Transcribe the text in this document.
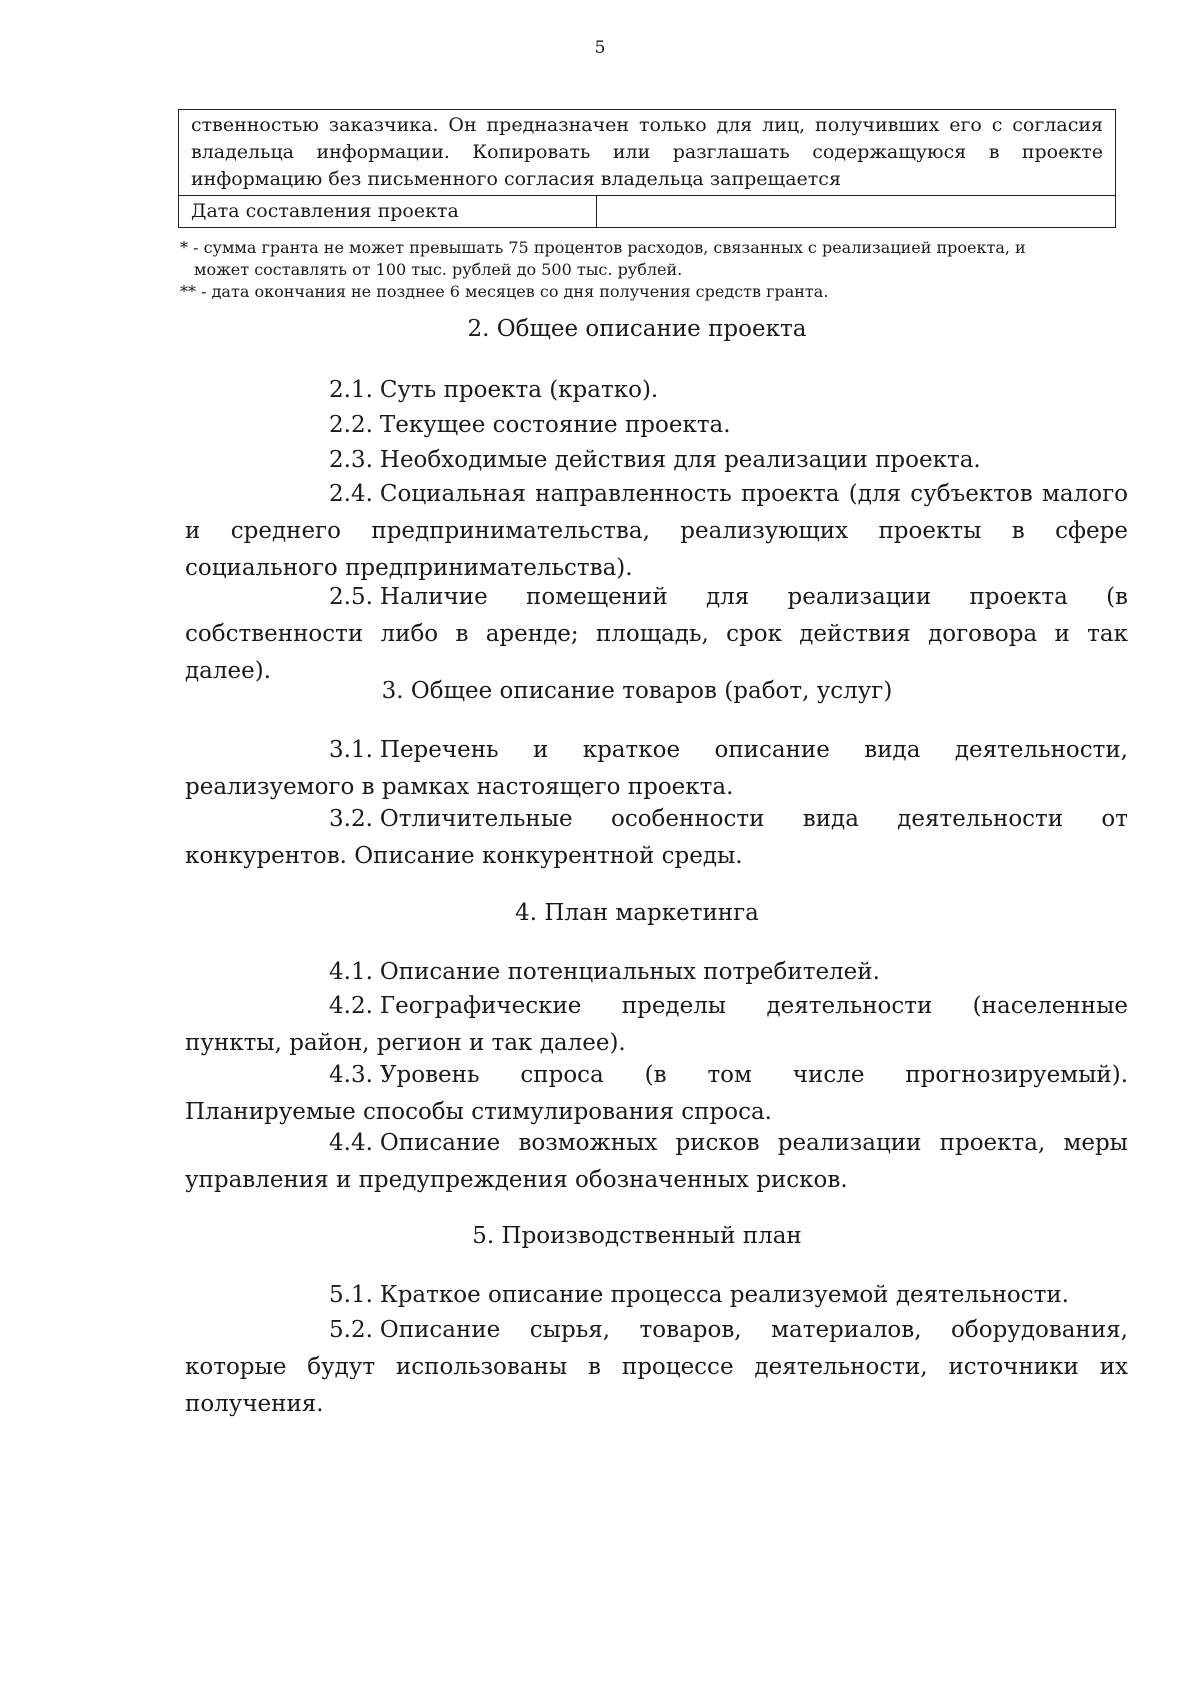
5
ственностью заказчика. Он предназначен только для лиц, получивших его с согласия владельца информации. Копировать или разглашать содержащуюся в проекте информацию без письменного согласия владельца запрещается
Дата составления проекта	

* - сумма гранта не может превышать 75 процентов расходов, связанных с реализацией проекта, и

может составлять от 100 тыс. рублей до 500 тыс. рублей.

** - дата окончания не позднее 6 месяцев со дня получения средств гранта.

2. Общее описание проекта

2.1. Суть проекта (кратко).

2.2. Текущее состояние проекта.

2.3. Необходимые действия для реализации проекта.

2.4. Социальная направленность проекта (для субъектов малого и среднего предпринимательства, реализующих проекты в сфере социального предпринимательства).

2.5. Наличие помещений для реализации проекта (в собственности либо в аренде; площадь, срок действия договора и так далее).

3. Общее описание товаров (работ, услуг)

3.1. Перечень и краткое описание вида деятельности, реализуемого в рамках настоящего проекта.

3.2. Отличительные особенности вида деятельности от конкурентов. Описание конкурентной среды.

4. План маркетинга

4.1. Описание потенциальных потребителей.

4.2. Географические пределы деятельности (населенные пункты, район, регион и так далее).

4.3. Уровень спроса (в том числе прогнозируемый). Планируемые способы стимулирования спроса.

4.4. Описание возможных рисков реализации проекта, меры управления и предупреждения обозначенных рисков.

5. Производственный план

5.1. Краткое описание процесса реализуемой деятельности.

5.2. Описание сырья, товаров, материалов, оборудования, которые будут использованы в процессе деятельности, источники их получения.
